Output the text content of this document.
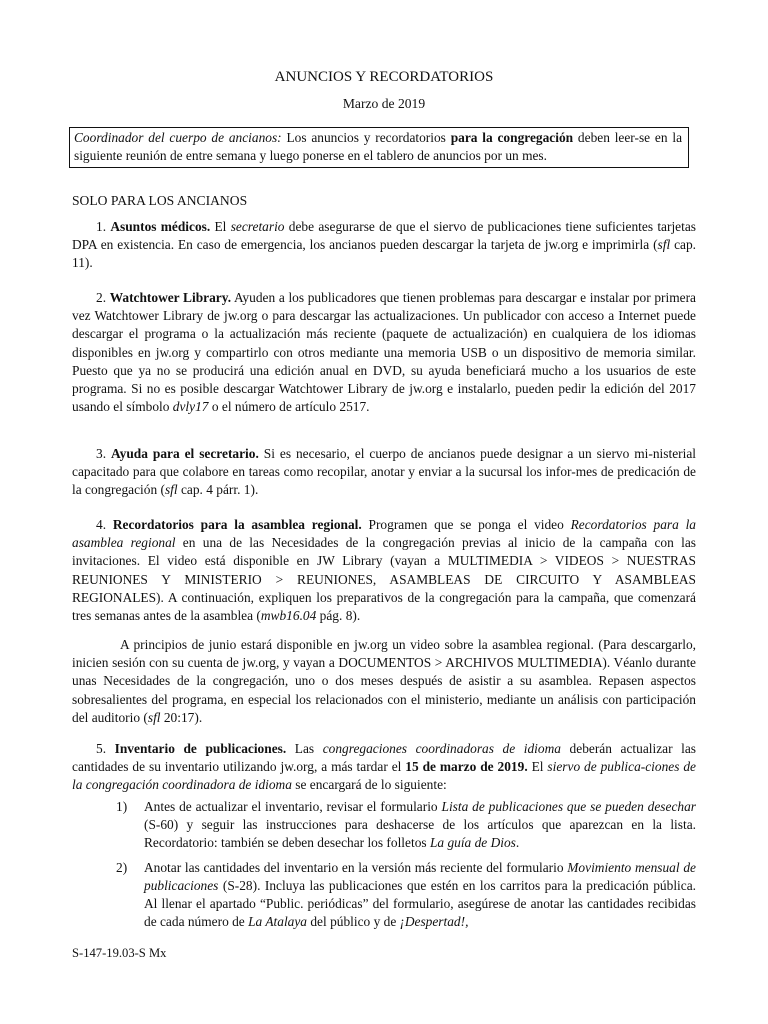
ANUNCIOS Y RECORDATORIOS
Marzo de 2019
Coordinador del cuerpo de ancianos: Los anuncios y recordatorios para la congregación deben leer-se en la siguiente reunión de entre semana y luego ponerse en el tablero de anuncios por un mes.
SOLO PARA LOS ANCIANOS
1. Asuntos médicos. El secretario debe asegurarse de que el siervo de publicaciones tiene suficientes tarjetas DPA en existencia. En caso de emergencia, los ancianos pueden descargar la tarjeta de jw.org e imprimirla (sfl cap. 11).
2. Watchtower Library. Ayuden a los publicadores que tienen problemas para descargar e instalar por primera vez Watchtower Library de jw.org o para descargar las actualizaciones. Un publicador con acceso a Internet puede descargar el programa o la actualización más reciente (paquete de actualización) en cualquiera de los idiomas disponibles en jw.org y compartirlo con otros mediante una memoria USB o un dispositivo de memoria similar. Puesto que ya no se producirá una edición anual en DVD, su ayuda beneficiará mucho a los usuarios de este programa. Si no es posible descargar Watchtower Library de jw.org e instalarlo, pueden pedir la edición del 2017 usando el símbolo dvly17 o el número de artículo 2517.
3. Ayuda para el secretario. Si es necesario, el cuerpo de ancianos puede designar a un siervo mi-nisterial capacitado para que colabore en tareas como recopilar, anotar y enviar a la sucursal los infor-mes de predicación de la congregación (sfl cap. 4 párr. 1).
4. Recordatorios para la asamblea regional. Programen que se ponga el video Recordatorios para la asamblea regional en una de las Necesidades de la congregación previas al inicio de la campaña con las invitaciones. El video está disponible en JW Library (vayan a MULTIMEDIA > VIDEOS > NUESTRAS REUNIONES Y MINISTERIO > REUNIONES, ASAMBLEAS DE CIRCUITO Y ASAMBLEAS REGIONALES). A continuación, expliquen los preparativos de la congregación para la campaña, que comenzará tres semanas antes de la asamblea (mwb16.04 pág. 8).
A principios de junio estará disponible en jw.org un video sobre la asamblea regional. (Para descargarlo, inicien sesión con su cuenta de jw.org, y vayan a DOCUMENTOS > ARCHIVOS MULTIMEDIA). Véanlo durante unas Necesidades de la congregación, uno o dos meses después de asistir a su asamblea. Repasen aspectos sobresalientes del programa, en especial los relacionados con el ministerio, mediante un análisis con participación del auditorio (sfl 20:17).
5. Inventario de publicaciones. Las congregaciones coordinadoras de idioma deberán actualizar las cantidades de su inventario utilizando jw.org, a más tardar el 15 de marzo de 2019. El siervo de publica-ciones de la congregación coordinadora de idioma se encargará de lo siguiente:
1) Antes de actualizar el inventario, revisar el formulario Lista de publicaciones que se pueden desechar (S-60) y seguir las instrucciones para deshacerse de los artículos que aparezcan en la lista. Recordatorio: también se deben desechar los folletos La guía de Dios.
2) Anotar las cantidades del inventario en la versión más reciente del formulario Movimiento mensual de publicaciones (S-28). Incluya las publicaciones que estén en los carritos para la predicación pública. Al llenar el apartado “Public. periódicas” del formulario, asegúrese de anotar las cantidades recibidas de cada número de La Atalaya del público y de ¡Despertad!,
S-147-19.03-S Mx
